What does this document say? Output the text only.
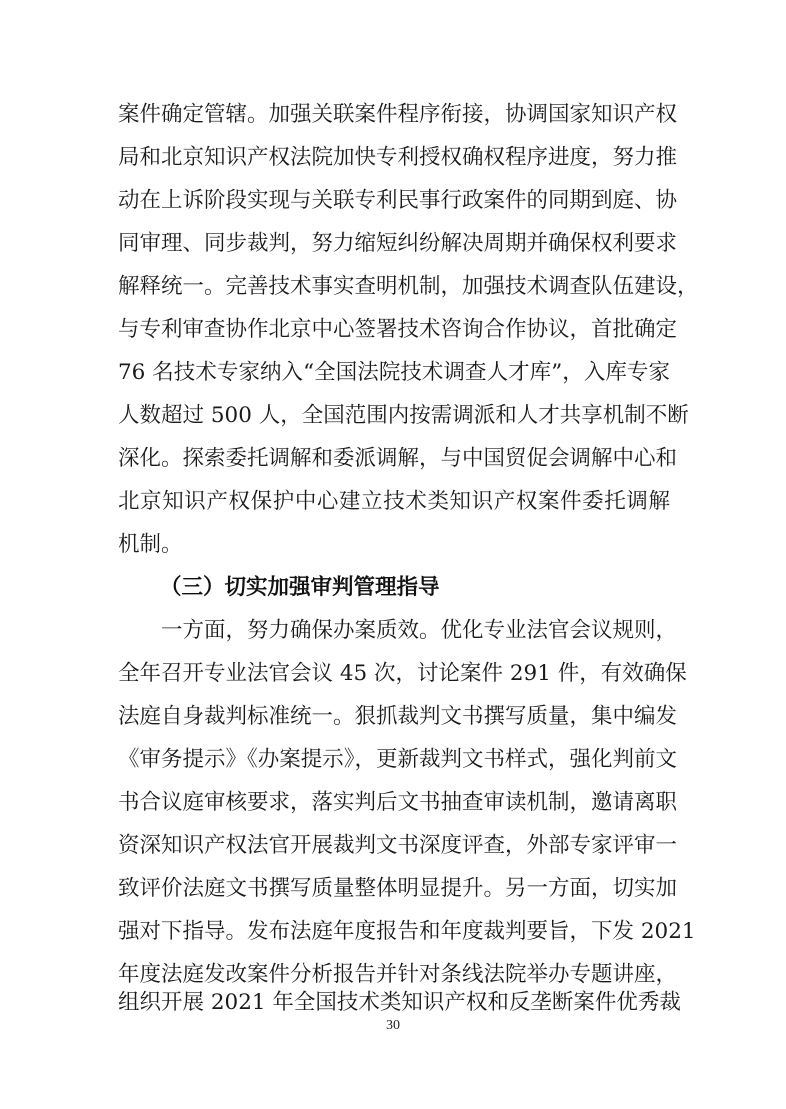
案件确定管辖。加强关联案件程序衔接，协调国家知识产权
局和北京知识产权法院加快专利授权确权程序进度，努力推
动在上诉阶段实现与关联专利民事行政案件的同期到庭、协
同审理、同步裁判，努力缩短纠纷解决周期并确保权利要求
解释统一。完善技术事实查明机制，加强技术调查队伍建设，
与专利审查协作北京中心签署技术咨询合作协议，首批确定
76 名技术专家纳入“全国法院技术调查人才库”，入库专家
人数超过 500 人，全国范围内按需调派和人才共享机制不断
深化。探索委托调解和委派调解，与中国贸促会调解中心和
北京知识产权保护中心建立技术类知识产权案件委托调解
机制。
（三）切实加强审判管理指导
　　一方面，努力确保办案质效。优化专业法官会议规则，
全年召开专业法官会议 45 次，讨论案件 291 件，有效确保
法庭自身裁判标准统一。狠抓裁判文书撰写质量，集中编发
《审务提示》《办案提示》，更新裁判文书样式，强化判前文
书合议庭审核要求，落实判后文书抽查审读机制，邀请离职
资深知识产权法官开展裁判文书深度评查，外部专家评审一
致评价法庭文书撰写质量整体明显提升。另一方面，切实加
强对下指导。发布法庭年度报告和年度裁判要旨，下发 2021
年度法庭发改案件分析报告并针对条线法院举办专题讲座，
组织开展 2021 年全国技术类知识产权和反垄断案件优秀裁
30
